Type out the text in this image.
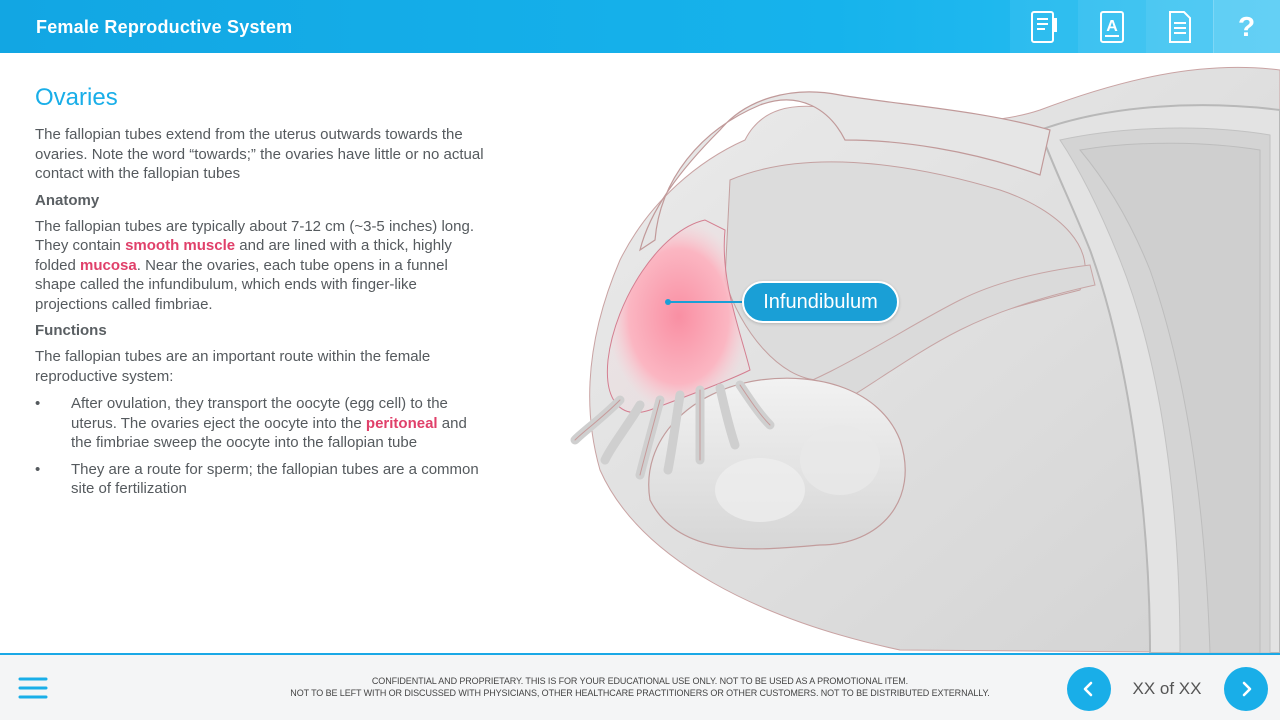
Female Reproductive System	A	?
Ovaries

The fallopian tubes extend from the uterus outwards towards the ovaries. Note the word “towards;” the ovaries have little or no actual contact with the fallopian tubes

Anatomy

The fallopian tubes are typically about 7-12 cm (~3-5 inches) long. They contain smooth muscle and are lined with a thick, highly folded mucosa. Near the ovaries, each tube opens in a funnel shape called the infundibulum, which ends with finger-like projections called fimbriae.

Functions

The fallopian tubes are an important route within the female reproductive system:

• After ovulation, they transport the oocyte (egg cell) to the uterus. The ovaries eject the oocyte into the peritoneal and the fimbriae sweep the oocyte into the fallopian tube
• They are a route for sperm; the fallopian tubes are a common site of fertilization
Infundibulum
CONFIDENTIAL AND PROPRIETARY. THIS IS FOR YOUR EDUCATIONAL USE ONLY. NOT TO BE USED AS A PROMOTIONAL ITEM.
NOT TO BE LEFT WITH OR DISCUSSED WITH PHYSICIANS, OTHER HEALTHCARE PRACTITIONERS OR OTHER CUSTOMERS. NOT TO BE DISTRIBUTED EXTERNALLY.	XX of XX
